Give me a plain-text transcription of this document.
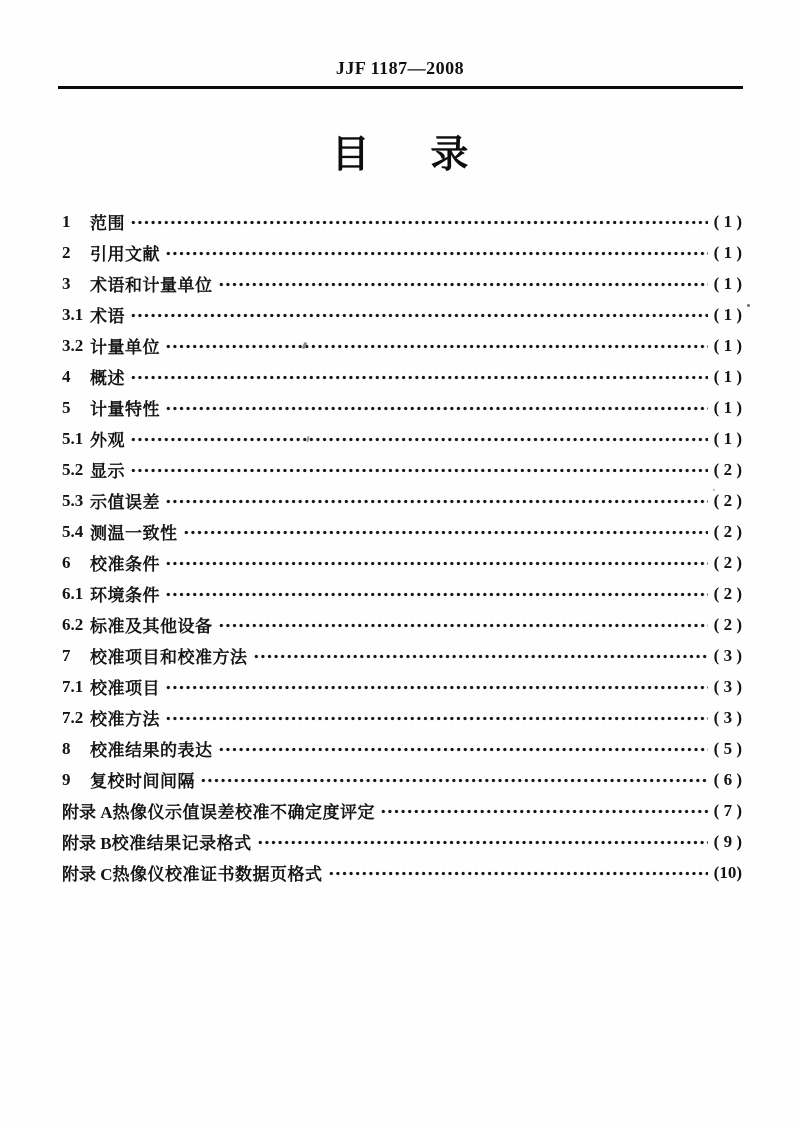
JJF 1187—2008
目　录
1	范围	( 1 )
2	引用文献	( 1 )
3	术语和计量单位	( 1 )
3.1 术语	( 1 )
3.2 计量单位	( 1 )
4	概述	( 1 )
5	计量特性	( 1 )
5.1 外观	( 1 )
5.2 显示	( 2 )
5.3 示值误差	( 2 )
5.4 测温一致性	( 2 )
6	校准条件	( 2 )
6.1 环境条件	( 2 )
6.2 标准及其他设备	( 2 )
7	校准项目和校准方法	( 3 )
7.1 校准项目	( 3 )
7.2 校准方法	( 3 )
8	校准结果的表达	( 5 )
9	复校时间间隔	( 6 )
附录 A 热像仪示值误差校准不确定度评定	( 7 )
附录 B 校准结果记录格式	( 9 )
附录 C 热像仪校准证书数据页格式	(10)
